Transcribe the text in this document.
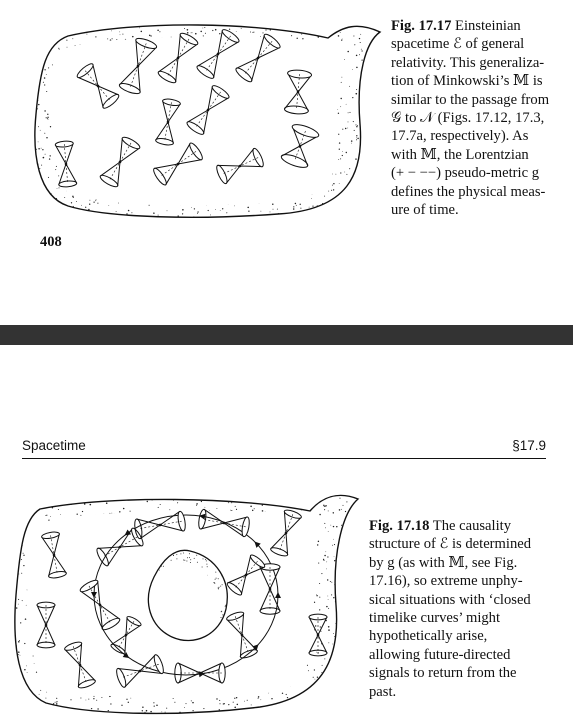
Fig. 17.17 Einsteinian
spacetime ℰ of general
relativity. This generaliza-
tion of Minkowski’s 𝕄 is
similar to the passage from
𝒢 to 𝒩 (Figs. 17.12, 17.3,
17.7a, respectively). As
with 𝕄, the Lorentzian
(+ − −−) pseudo-metric g
defines the physical meas-
ure of time.
408
Spacetime	§17.9
Fig. 17.18 The causality
structure of ℰ is determined
by g (as with 𝕄, see Fig.
17.16), so extreme unphy-
sical situations with ‘closed
timelike curves’ might
hypothetically arise,
allowing future-directed
signals to return from the
past.
